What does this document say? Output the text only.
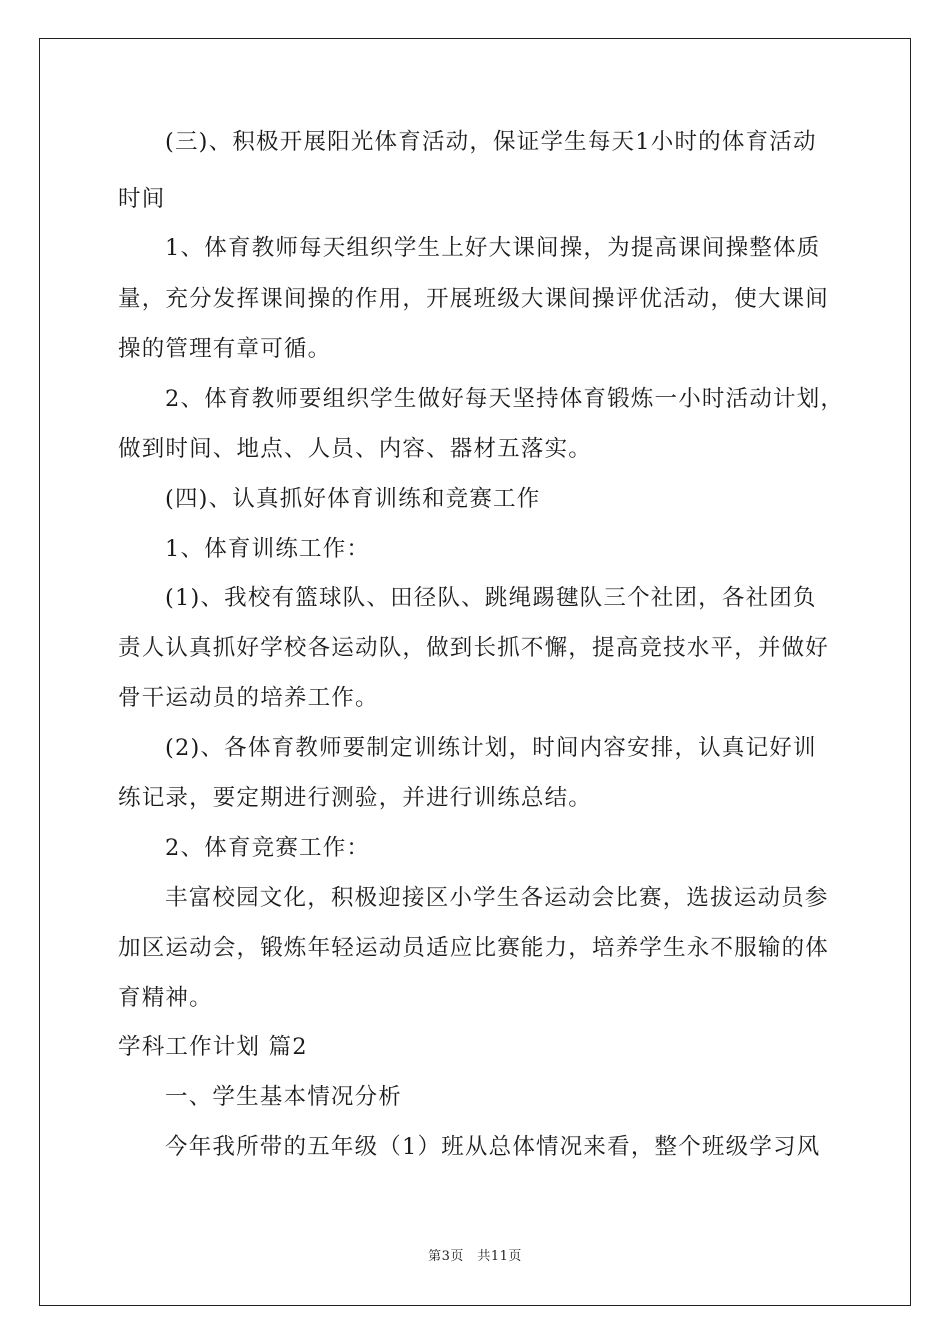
(三)、积极开展阳光体育活动，保证学生每天1小时的体育活动
时间
1、体育教师每天组织学生上好大课间操，为提高课间操整体质
量，充分发挥课间操的作用，开展班级大课间操评优活动，使大课间
操的管理有章可循。
2、体育教师要组织学生做好每天坚持体育锻炼一小时活动计划，
做到时间、地点、人员、内容、器材五落实。
(四)、认真抓好体育训练和竞赛工作
1、体育训练工作：
(1)、我校有篮球队、田径队、跳绳踢毽队三个社团，各社团负
责人认真抓好学校各运动队，做到长抓不懈，提高竞技水平，并做好
骨干运动员的培养工作。
(2)、各体育教师要制定训练计划，时间内容安排，认真记好训
练记录，要定期进行测验，并进行训练总结。
2、体育竞赛工作：
丰富校园文化，积极迎接区小学生各运动会比赛，选拔运动员参
加区运动会，锻炼年轻运动员适应比赛能力，培养学生永不服输的体
育精神。
学科工作计划 篇2
一、学生基本情况分析
今年我所带的五年级（1）班从总体情况来看，整个班级学习风
第3页　共11页
